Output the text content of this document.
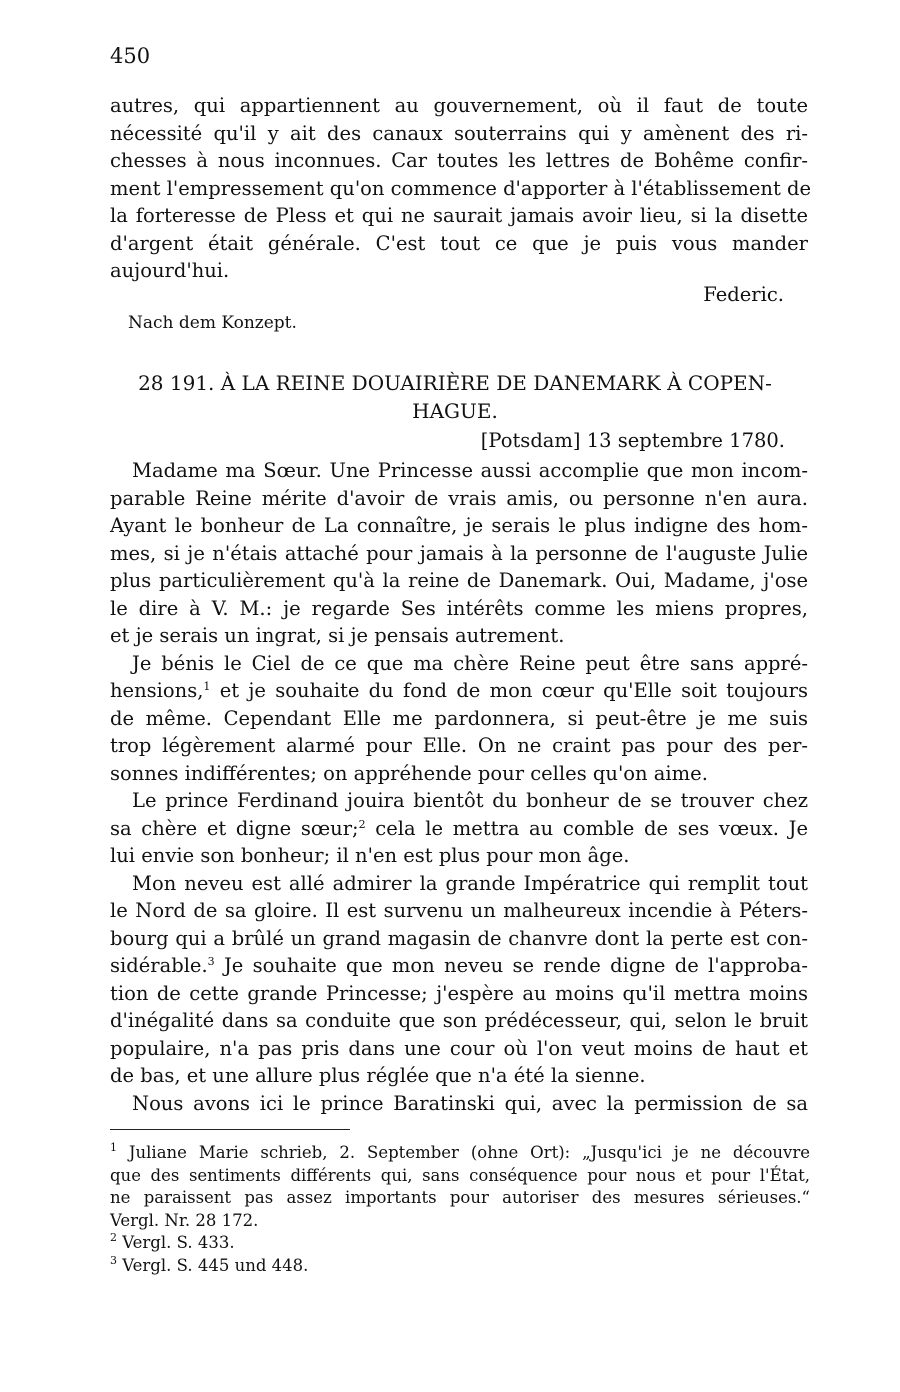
450
autres, qui appartiennent au gouvernement, où il faut de toute
nécessité qu'il y ait des canaux souterrains qui y amènent des ri-
chesses à nous inconnues. Car toutes les lettres de Bohême confir-
ment l'empressement qu'on commence d'apporter à l'établissement de
la forteresse de Pless et qui ne saurait jamais avoir lieu, si la disette
d'argent était générale. C'est tout ce que je puis vous mander
aujourd'hui.
Federic.
Nach dem Konzept.
28 191. À LA REINE DOUAIRIÈRE DE DANEMARK À COPEN-
HAGUE.
[Potsdam] 13 septembre 1780.
Madame ma Sœur. Une Princesse aussi accomplie que mon incom-
parable Reine mérite d'avoir de vrais amis, ou personne n'en aura.
Ayant le bonheur de La connaître, je serais le plus indigne des hom-
mes, si je n'étais attaché pour jamais à la personne de l'auguste Julie
plus particulièrement qu'à la reine de Danemark. Oui, Madame, j'ose
le dire à V. M.: je regarde Ses intérêts comme les miens propres,
et je serais un ingrat, si je pensais autrement.
Je bénis le Ciel de ce que ma chère Reine peut être sans appré-
hensions,$^1$ et je souhaite du fond de mon cœur qu'Elle soit toujours
de même. Cependant Elle me pardonnera, si peut-être je me suis
trop légèrement alarmé pour Elle. On ne craint pas pour des per-
sonnes indifférentes; on appréhende pour celles qu'on aime.
Le prince Ferdinand jouira bientôt du bonheur de se trouver chez
sa chère et digne sœur;$^2$ cela le mettra au comble de ses vœux. Je
lui envie son bonheur; il n'en est plus pour mon âge.
Mon neveu est allé admirer la grande Impératrice qui remplit tout
le Nord de sa gloire. Il est survenu un malheureux incendie à Péters-
bourg qui a brûlé un grand magasin de chanvre dont la perte est con-
sidérable.$^3$ Je souhaite que mon neveu se rende digne de l'approba-
tion de cette grande Princesse; j'espère au moins qu'il mettra moins
d'inégalité dans sa conduite que son prédécesseur, qui, selon le bruit
populaire, n'a pas pris dans une cour où l'on veut moins de haut et
de bas, et une allure plus réglée que n'a été la sienne.
Nous avons ici le prince Baratinski qui, avec la permission de sa
$^1$ Juliane Marie schrieb, 2. September (ohne Ort): „Jusqu'ici je ne découvre
que des sentiments différents qui, sans conséquence pour nous et pour l'État,
ne paraissent pas assez importants pour autoriser des mesures sérieuses.“
Vergl. Nr. 28 172.
$^2$ Vergl. S. 433.
$^3$ Vergl. S. 445 und 448.
